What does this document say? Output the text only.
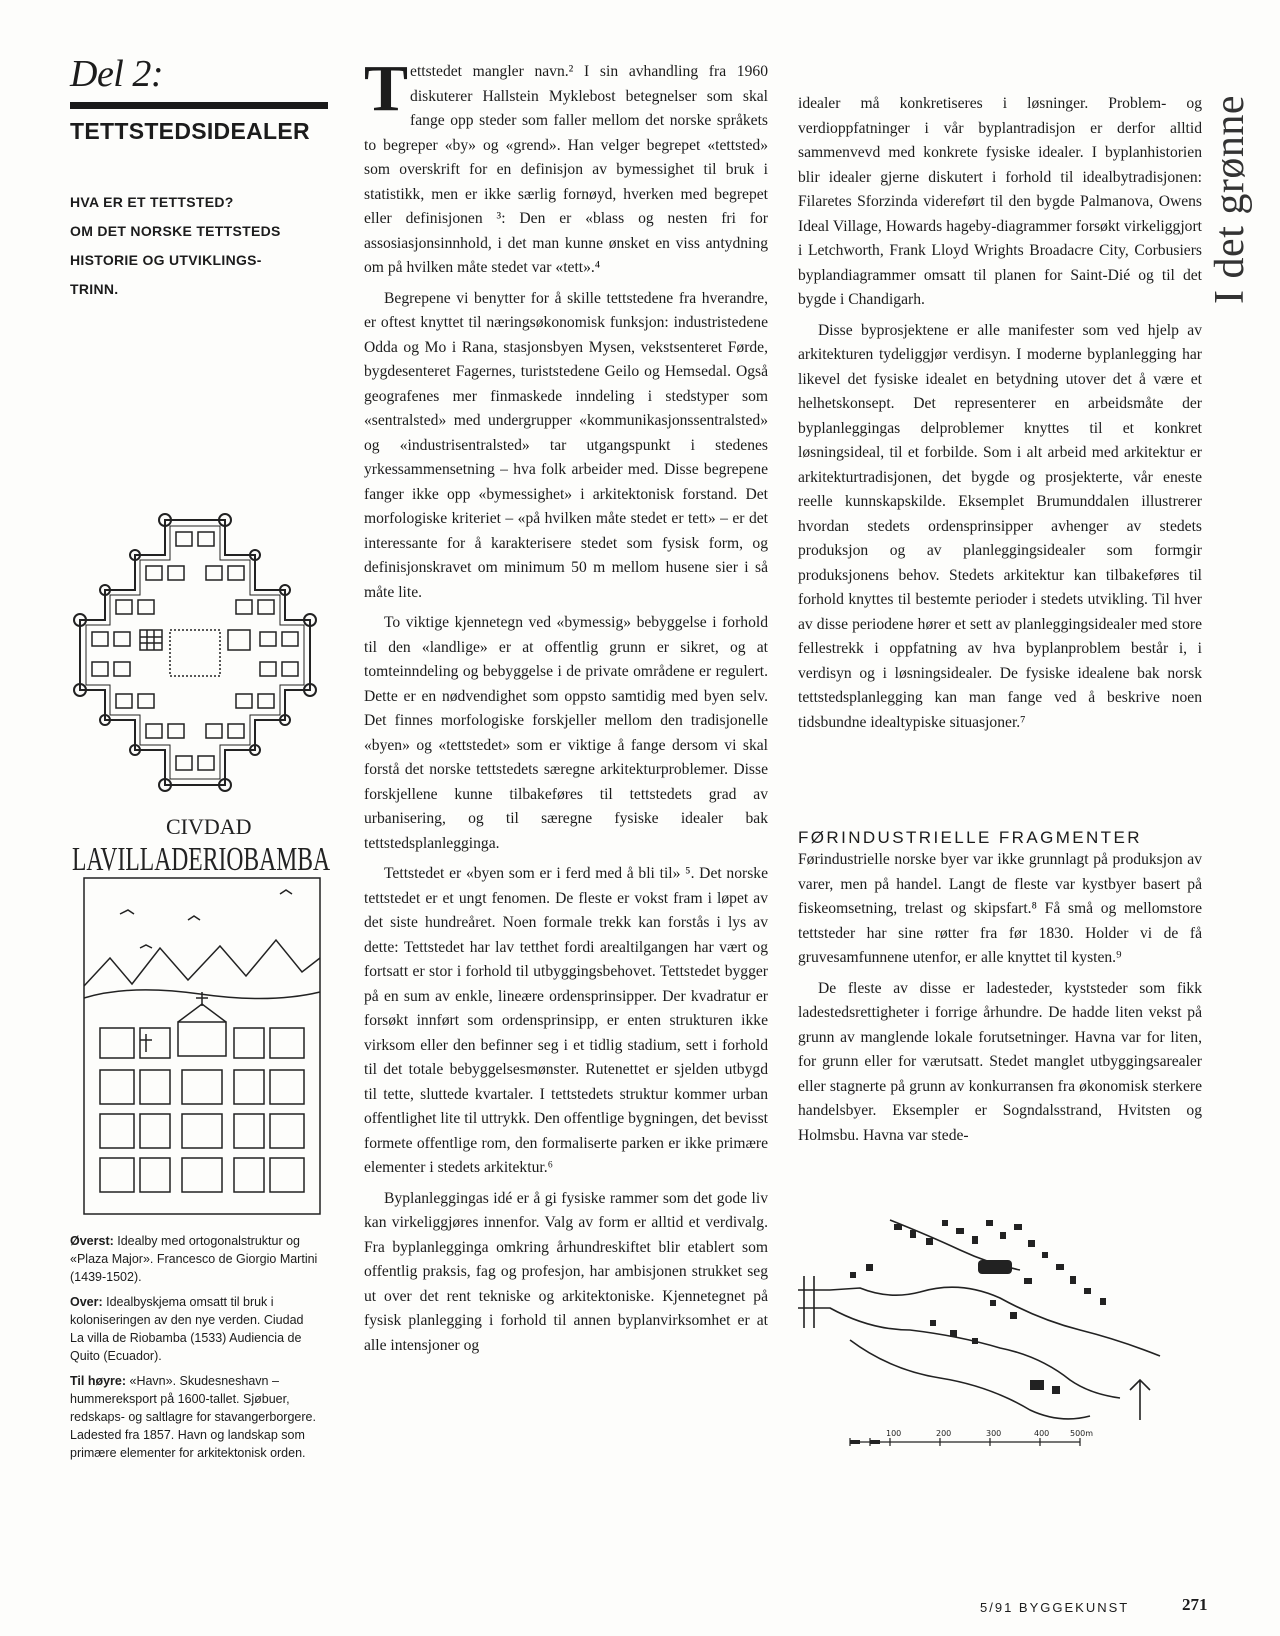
Del 2:
TETTSTEDSIDEALER
HVA ER ET TETTSTED?
OM DET NORSKE TETTSTEDS
HISTORIE OG UTVIKLINGS-
TRINN.
CIVDAD
LAVILLADERIOBAMBA

Øverst: Idealby med ortogonalstruktur og «Plaza Major». Francesco de Giorgio Martini (1439-1502).

Over: Idealbyskjema omsatt til bruk i koloniseringen av den nye verden. Ciudad La villa de Riobamba (1533) Audiencia de Quito (Ecuador).

Til høyre: «Havn». Skudesneshavn – hummereksport på 1600-tallet. Sjøbuer, redskaps- og saltlagre for stavangerborgere. Ladested fra 1857. Havn og landskap som primære elementer for arkitektonisk orden.

Tettstedet mangler navn.² I sin avhandling fra 1960 diskuterer Hallstein Myklebost betegnelser som skal fange opp steder som faller mellom det norske språkets to begreper «by» og «grend». Han velger begrepet «tettsted» som overskrift for en definisjon av bymessighet til bruk i statistikk, men er ikke særlig fornøyd, hverken med begrepet eller definisjonen ³: Den er «blass og nesten fri for assosiasjonsinnhold, i det man kunne ønsket en viss antydning om på hvilken måte stedet var «tett».⁴

Begrepene vi benytter for å skille tettstedene fra hverandre, er oftest knyttet til næringsøkonomisk funksjon: industristedene Odda og Mo i Rana, stasjonsbyen Mysen, vekstsenteret Førde, bygdesenteret Fagernes, turiststedene Geilo og Hemsedal. Også geografenes mer finmaskede inndeling i stedstyper som «sentralsted» med undergrupper «kommunikasjonssentralsted» og «industrisentralsted» tar utgangspunkt i stedenes yrkessammensetning – hva folk arbeider med. Disse begrepene fanger ikke opp «bymessighet» i arkitektonisk forstand. Det morfologiske kriteriet – «på hvilken måte stedet er tett» – er det interessante for å karakterisere stedet som fysisk form, og definisjonskravet om minimum 50 m mellom husene sier i så måte lite.

To viktige kjennetegn ved «bymessig» bebyggelse i forhold til den «landlige» er at offentlig grunn er sikret, og at tomteinndeling og bebyggelse i de private områdene er regulert. Dette er en nødvendighet som oppsto samtidig med byen selv. Det finnes morfologiske forskjeller mellom den tradisjonelle «byen» og «tettstedet» som er viktige å fange dersom vi skal forstå det norske tettstedets særegne arkitekturproblemer. Disse forskjellene kunne tilbakeføres til tettstedets grad av urbanisering, og til særegne fysiske idealer bak tettstedsplanleggingа.

Tettstedet er «byen som er i ferd med å bli til» ⁵. Det norske tettstedet er et ungt fenomen. De fleste er vokst fram i løpet av det siste hundreåret. Noen formale trekk kan forstås i lys av dette: Tettstedet har lav tetthet fordi arealtilgangen har vært og fortsatt er stor i forhold til utbyggingsbehovet. Tettstedet bygger på en sum av enkle, lineære ordensprinsipper. Der kvadratur er forsøkt innført som ordensprinsipp, er enten strukturen ikke virksom eller den befinner seg i et tidlig stadium, sett i forhold til det totale bebyggelsesmønster. Rutenettet er sjelden utbygd til tette, sluttede kvartaler. I tettstedets struktur kommer urban offentlighet lite til uttrykk. Den offentlige bygningen, det bevisst formete offentlige rom, den formaliserte parken er ikke primære elementer i stedets arkitektur.⁶

Byplanleggingas idé er å gi fysiske rammer som det gode liv kan virkeliggjøres innenfor. Valg av form er alltid et verdivalg. Fra byplanlegginga omkring århundreskiftet blir etablert som offentlig praksis, fag og profesjon, har ambisjonen strukket seg ut over det rent tekniske og arkitektoniske. Kjennetegnet på fysisk planlegging i forhold til annen byplanvirksomhet er at alle intensjoner og

idealer må konkretiseres i løsninger. Problem- og verdioppfatninger i vår byplantradisjon er derfor alltid sammenvevd med konkrete fysiske idealer. I byplanhistorien blir idealer gjerne diskutert i forhold til idealbytradisjonen: Filaretes Sforzinda videreført til den bygde Palmanova, Owens Ideal Village, Howards hageby-diagrammer forsøkt virkeliggjort i Letchworth, Frank Lloyd Wrights Broadacre City, Corbusiers byplandiagrammer omsatt til planen for Saint-Dié og til det bygde i Chandigarh.

Disse byprosjektene er alle manifester som ved hjelp av arkitekturen tydeliggjør verdisyn. I moderne byplanlegging har likevel det fysiske idealet en betydning utover det å være et helhetskonsept. Det representerer en arbeidsmåte der byplanleggingas delproblemer knyttes til et konkret løsningsideal, til et forbilde. Som i alt arbeid med arkitektur er arkitekturtradisjonen, det bygde og prosjekterte, vår eneste reelle kunnskapskilde. Eksemplet Brumunddalen illustrerer hvordan stedets ordensprinsipper avhenger av stedets produksjon og av planleggingsidealer som formgir produksjonens behov. Stedets arkitektur kan tilbakeføres til forhold knyttes til bestemte perioder i stedets utvikling. Til hver av disse periodene hører et sett av planleggingsidealer med store fellestrekk i oppfatning av hva byplanproblem består i, i verdisyn og i løsningsidealer. De fysiske idealene bak norsk tettstedsplanlegging kan man fange ved å beskrive noen tidsbundne idealtypiske situasjoner.⁷

I det grønne
FØRINDUSTRIELLE FRAGMENTER

Førindustrielle norske byer var ikke grunnlagt på produksjon av varer, men på handel. Langt de fleste var kystbyer basert på fiskeomsetning, trelast og skipsfart.⁸ Få små og mellomstore tettsteder har sine røtter fra før 1830. Holder vi de få gruvesamfunnene utenfor, er alle knyttet til kysten.⁹

De fleste av disse er ladesteder, kyststeder som fikk ladestedsrettigheter i forrige århundre. De hadde liten vekst på grunn av manglende lokale forutsetninger. Havna var for liten, for grunn eller for værutsatt. Stedet manglet utbyggingsarealer eller stagnerte på grunn av konkurransen fra økonomisk sterkere handelsbyer. Eksempler er Sogndalsstrand, Hvitsten og Holmsbu. Havna var stede-

100	200	300	400	500m
5/91 BYGGEKUNST	271
